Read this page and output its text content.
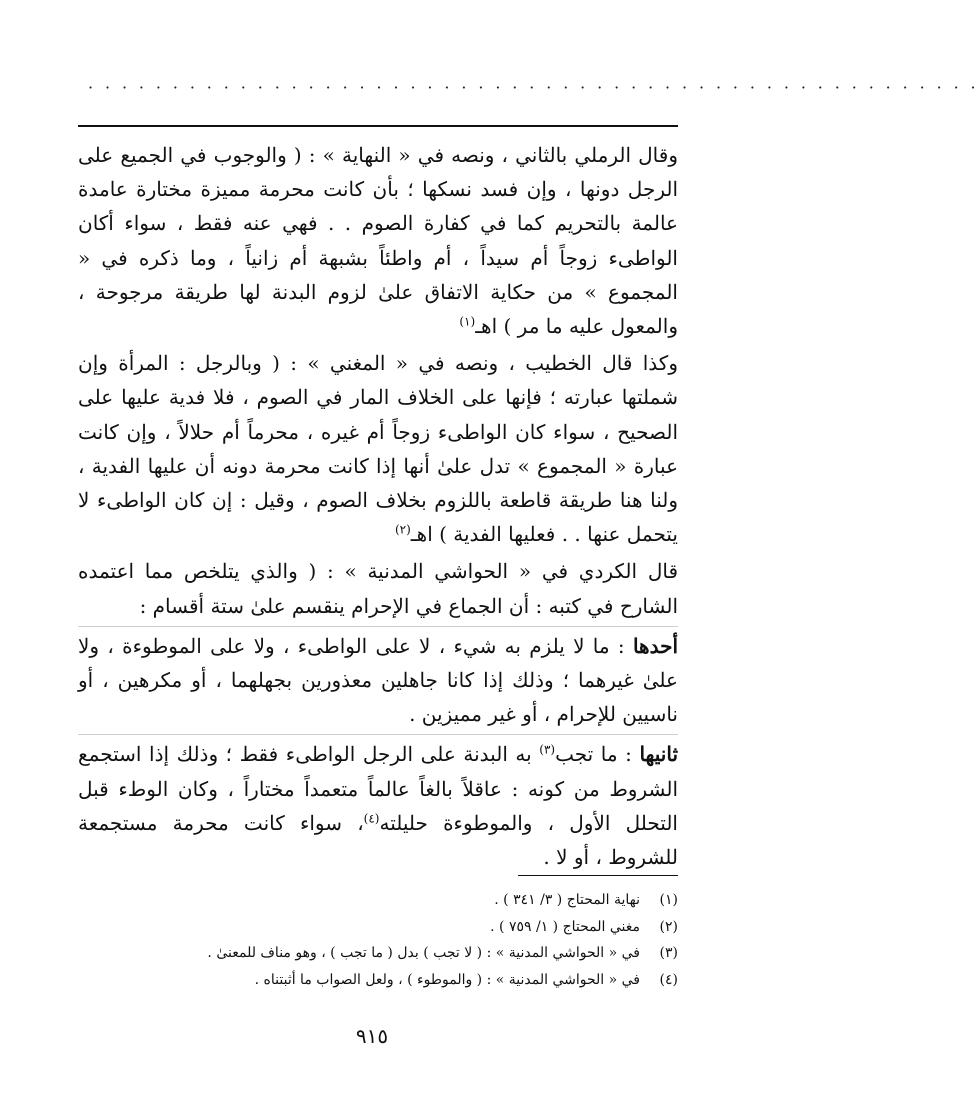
· · · · · · · · · · · · · · · · · · · · · · · · · · · · · · · · · · · · · · · · · · · · · · · · · · · · ·

وقال الرملي بالثاني ، ونصه في « النهاية » : ( والوجوب في الجميع على الرجل دونها ، وإن فسد نسكها ؛ بأن كانت محرمة مميزة مختارة عامدة عالمة بالتحريم كما في كفارة الصوم . . فهي عنه فقط ، سواء أكان الواطىء زوجاً أم سيداً ، أم واطئاً بشبهة أم زانياً ، وما ذكره في « المجموع » من حكاية الاتفاق علىٰ لزوم البدنة لها طريقة مرجوحة ، والمعول عليه ما مر ) اهـ$^{(١)}$

وكذا قال الخطيب ، ونصه في « المغني » : ( وبالرجل : المرأة وإن شملتها عبارته ؛ فإنها على الخلاف المار في الصوم ، فلا فدية عليها على الصحيح ، سواء كان الواطىء زوجاً أم غيره ، محرماً أم حلالاً ، وإن كانت عبارة « المجموع » تدل علىٰ أنها إذا كانت محرمة دونه أن عليها الفدية ، ولنا هنا طريقة قاطعة باللزوم بخلاف الصوم ، وقيل : إن كان الواطىء لا يتحمل عنها . . فعليها الفدية ) اهـ$^{(٢)}$

قال الكردي في « الحواشي المدنية » : ( والذي يتلخص مما اعتمده الشارح في كتبه : أن الجماع في الإحرام ينقسم علىٰ ستة أقسام :

أحدها : ما لا يلزم به شيء ، لا على الواطىء ، ولا على الموطوءة ، ولا علىٰ غيرهما ؛ وذلك إذا كانا جاهلين معذورين بجهلهما ، أو مكرهين ، أو ناسيين للإحرام ، أو غير مميزين .

ثانيها : ما تجب$^{(٣)}$ به البدنة على الرجل الواطىء فقط ؛ وذلك إذا استجمع الشروط من كونه : عاقلاً بالغاً عالماً متعمداً مختاراً ، وكان الوطء قبل التحلل الأول ، والموطوءة حليلته$^{(٤)}$، سواء كانت محرمة مستجمعة للشروط ، أو لا .

(١)
نهاية المحتاج ( ٣/ ٣٤١ ) .
(٢)
مغني المحتاج ( ١/ ٧٥٩ ) .
(٣)
في « الحواشي المدنية » : ( لا تجب ) بدل ( ما تجب ) ، وهو مناف للمعنىٰ .
(٤)
في « الحواشي المدنية » : ( والموطوء ) ، ولعل الصواب ما أثبتناه .
٩١٥
